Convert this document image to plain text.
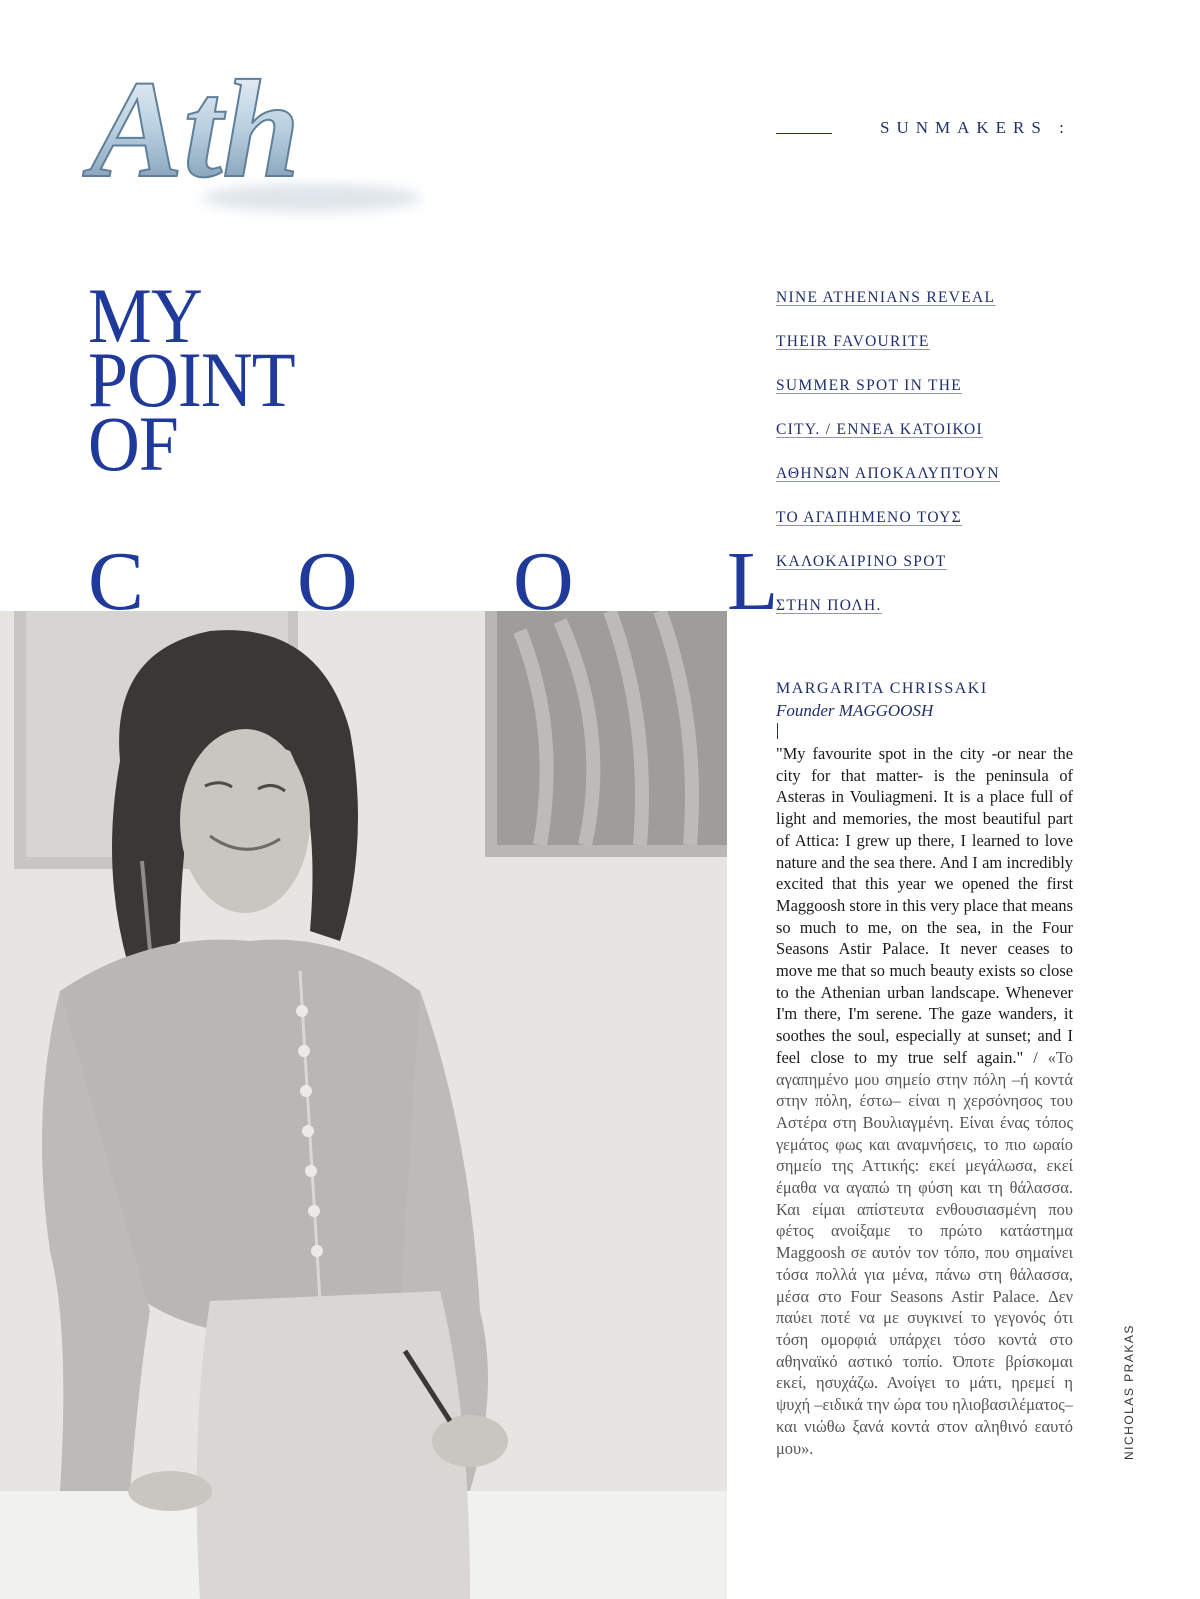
Ath	SUNMAKERS :
MY
POINT
OF
C O O L
NINE ATHENIANS REVEAL
THEIR FAVOURITE
SUMMER SPOT IN THE
CITY. / ΕΝΝΕΑ ΚΑΤΟΙΚΟΙ
ΑΘΗΝΩΝ ΑΠΟΚΑΛΥΠΤΟΥΝ
ΤΟ ΑΓΑΠΗΜΕΝΟ ΤΟΥΣ
ΚΑΛΟΚΑΙΡΙΝΟ SPOT
ΣΤΗΝ ΠΟΛΗ.
MARGARITA CHRISSAKI
Founder MAGGOOSH

"My favourite spot in the city -or near the city for that matter- is the peninsula of Asteras in Vouliagmeni. It is a place full of light and memories, the most beautiful part of Attica: I grew up there, I learned to love nature and the sea there. And I am incredibly excited that this year we opened the first Maggoosh store in this very place that means so much to me, on the sea, in the Four Seasons Astir Palace. It never ceases to move me that so much beauty exists so close to the Athenian urban landscape. Whenever I'm there, I'm serene. The gaze wanders, it soothes the soul, especially at sunset; and I feel close to my true self again." / «Το αγαπημένο μου σημείο στην πόλη –ή κοντά στην πόλη, έστω– είναι η χερσόνησος του Αστέρα στη Βουλιαγμένη. Είναι ένας τόπος γεμάτος φως και αναμνήσεις, το πιο ωραίο σημείο της Αττικής: εκεί μεγάλωσα, εκεί έμαθα να αγαπώ τη φύση και τη θάλασσα. Και είμαι απίστευτα ενθουσιασμένη που φέτος ανοίξαμε το πρώτο κατάστημα Maggoosh σε αυτόν τον τόπο, που σημαίνει τόσα πολλά για μένα, πάνω στη θάλασσα, μέσα στο Four Seasons Astir Palace. Δεν παύει ποτέ να με συγκινεί το γεγονός ότι τόση ομορφιά υπάρχει τόσο κοντά στο αθηναϊκό αστικό τοπίο. Όποτε βρίσκομαι εκεί, ησυχάζω. Ανοίγει το μάτι, ηρεμεί η ψυχή –ειδικά την ώρα του ηλιοβασιλέματος– και νιώθω ξανά κοντά στον αληθινό εαυτό μου».	NICHOLAS PRAKAS
